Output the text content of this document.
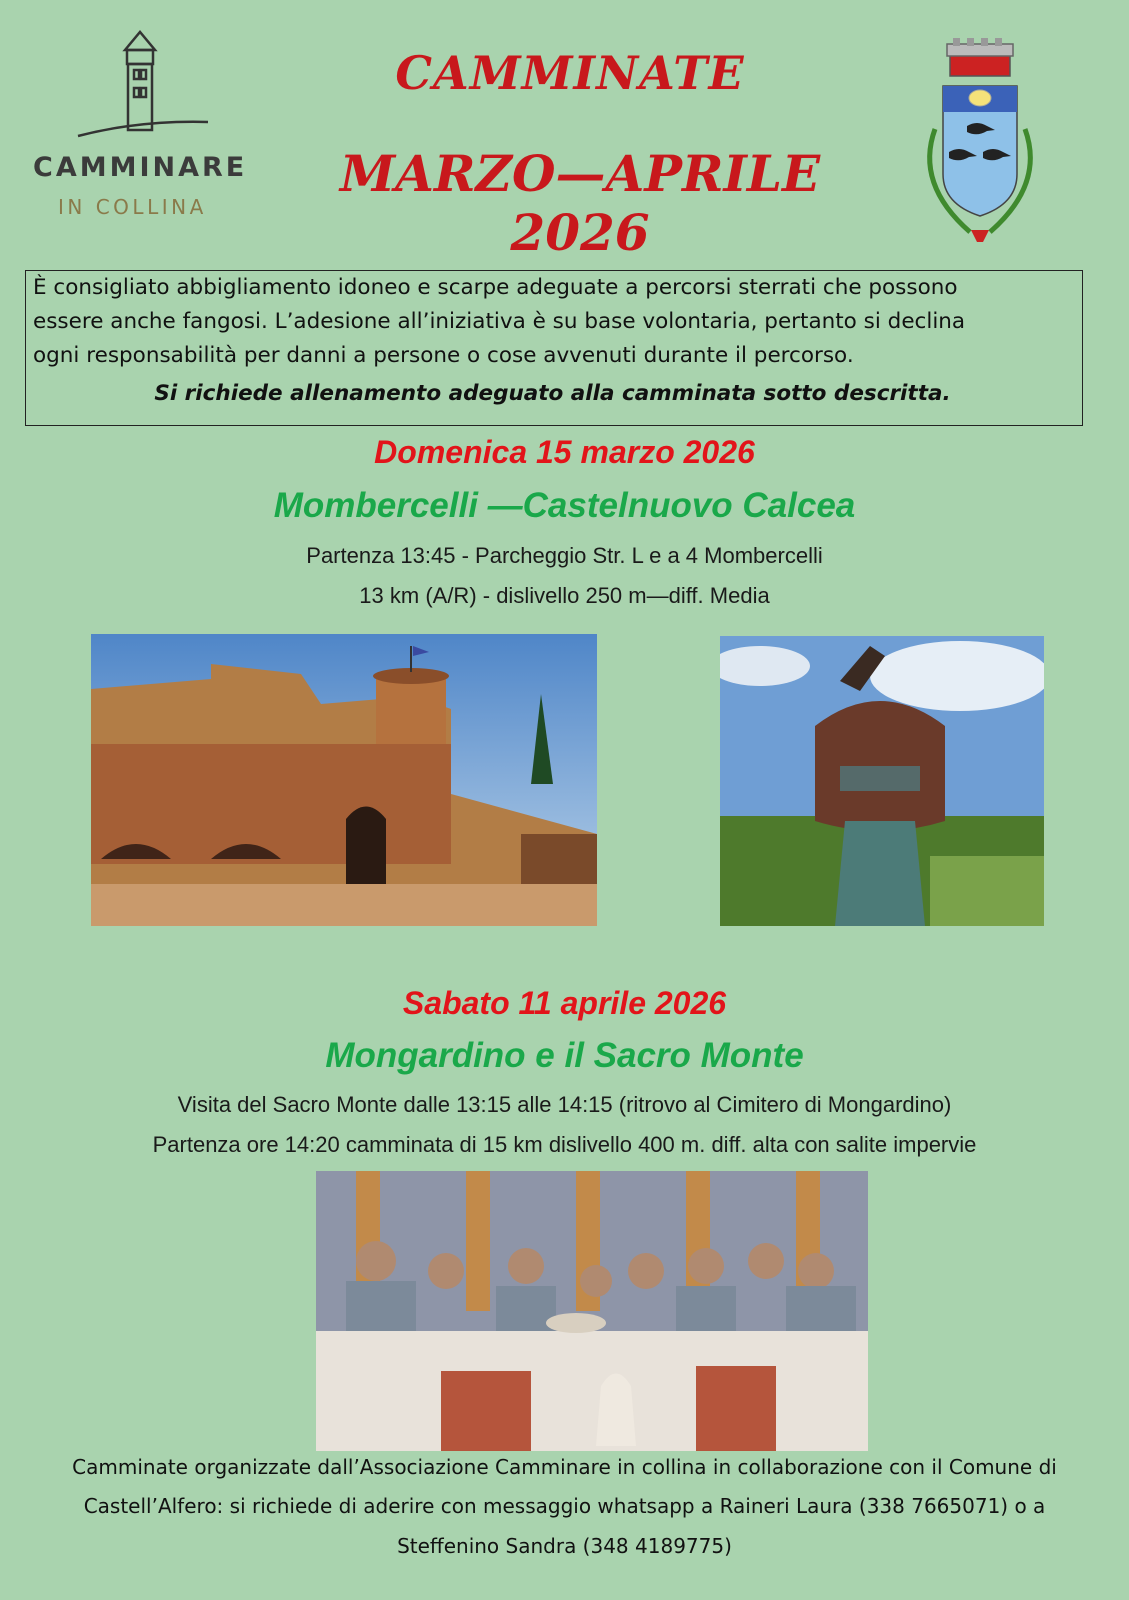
CAMMINARE
IN COLLINA
CAMMINATE
MARZO—APRILE 2026

È consigliato abbigliamento idoneo e scarpe adeguate a percorsi sterrati che possono

essere anche fangosi. L’adesione all’iniziativa è su base volontaria, pertanto si declina

ogni responsabilità per danni a persone o cose avvenuti durante il percorso.

Si richiede allenamento adeguato alla camminata sotto descritta.

Domenica 15 marzo 2026
Mombercelli —Castelnuovo Calcea
Partenza 13:45 - Parcheggio Str. L e a 4 Mombercelli
13 km (A/R) - dislivello 250 m—diff. Media
Sabato 11 aprile 2026
Mongardino e il Sacro Monte
Visita del Sacro Monte dalle 13:15 alle 14:15 (ritrovo al Cimitero di Mongardino)
Partenza ore 14:20 camminata di 15 km dislivello 400 m. diff. alta con salite impervie
Camminate organizzate dall’Associazione Camminare in collina in collaborazione con il Comune di
Castell’Alfero: si richiede di aderire con messaggio whatsapp a Raineri Laura (338 7665071) o a
Steffenino Sandra (348 4189775)
